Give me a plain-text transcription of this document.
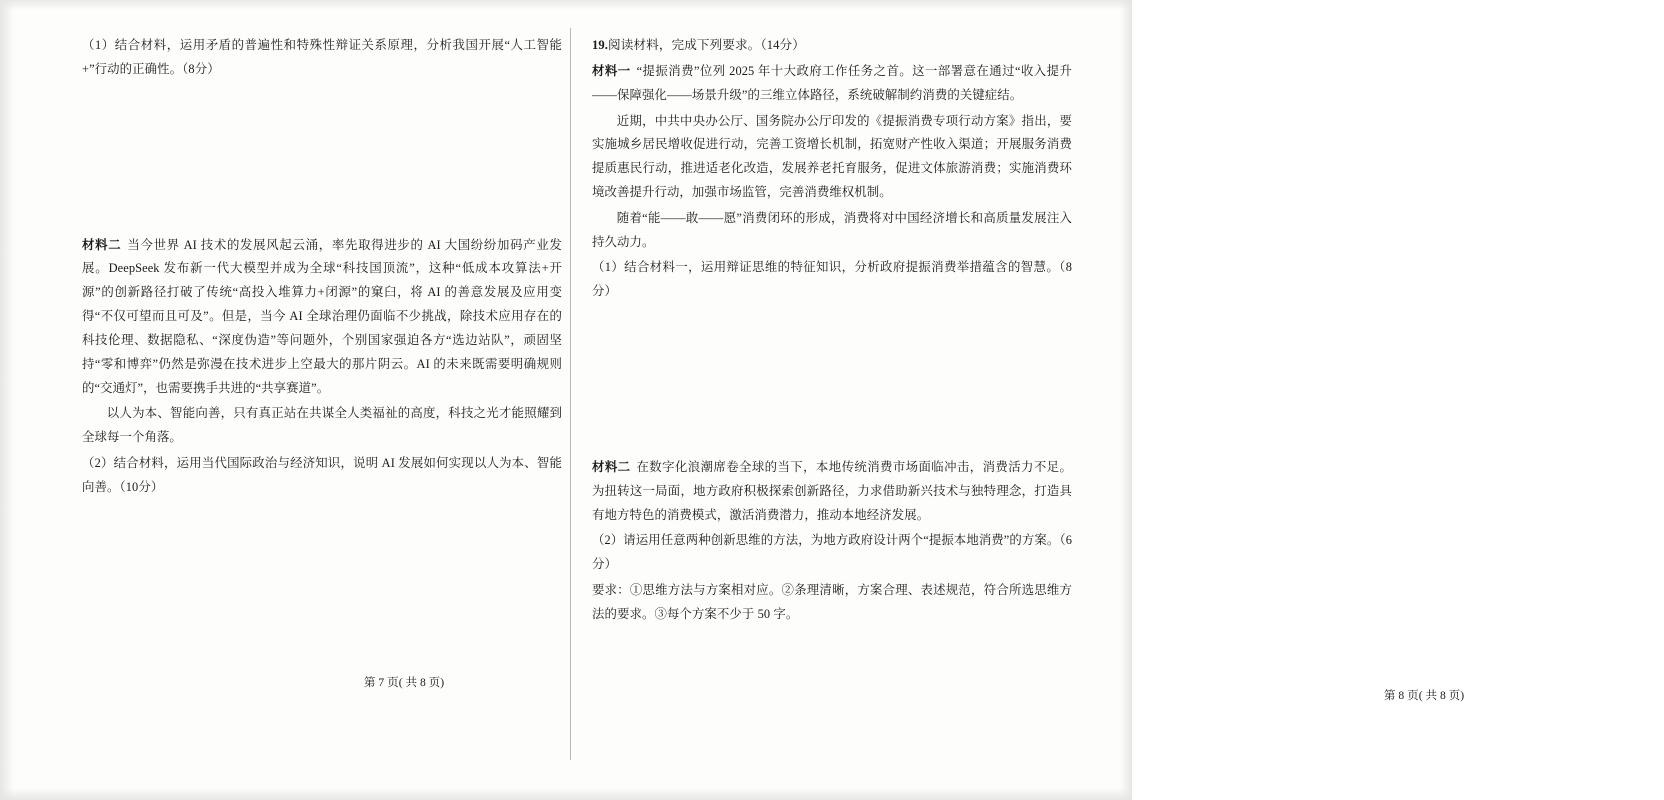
（1）结合材料，运用矛盾的普遍性和特殊性辩证关系原理，分析我国开展“人工智能+”行动的正确性。（8分）
材料二 当今世界 AI 技术的发展风起云涌，率先取得进步的 AI 大国纷纷加码产业发展。DeepSeek 发布新一代大模型并成为全球“科技国顶流”，这种“低成本攻算法+开源”的创新路径打破了传统“高投入堆算力+闭源”的窠臼，将 AI 的善意发展及应用变得“不仅可望而且可及”。但是，当今 AI 全球治理仍面临不少挑战，除技术应用存在的科技伦理、数据隐私、“深度伪造”等问题外，个别国家强迫各方“选边站队”，顽固坚持“零和博弈”仍然是弥漫在技术进步上空最大的那片阴云。AI 的未来既需要明确规则的“交通灯”，也需要携手共进的“共享赛道”。
以人为本、智能向善，只有真正站在共谋全人类福祉的高度，科技之光才能照耀到全球每一个角落。
（2）结合材料，运用当代国际政治与经济知识，说明 AI 发展如何实现以人为本、智能向善。（10分）
第 7 页( 共 8 页)
19.阅读材料，完成下列要求。（14分）
材料一 “提振消费”位列 2025 年十大政府工作任务之首。这一部署意在通过“收入提升——保障强化——场景升级”的三维立体路径，系统破解制约消费的关键症结。
近期，中共中央办公厅、国务院办公厅印发的《提振消费专项行动方案》指出，要实施城乡居民增收促进行动，完善工资增长机制，拓宽财产性收入渠道；开展服务消费提质惠民行动，推进适老化改造，发展养老托育服务，促进文体旅游消费；实施消费环境改善提升行动，加强市场监管，完善消费维权机制。
随着“能——敢——愿”消费闭环的形成，消费将对中国经济增长和高质量发展注入持久动力。
（1）结合材料一，运用辩证思维的特征知识，分析政府提振消费举措蕴含的智慧。（8分）
材料二 在数字化浪潮席卷全球的当下，本地传统消费市场面临冲击，消费活力不足。为扭转这一局面，地方政府积极探索创新路径，力求借助新兴技术与独特理念，打造具有地方特色的消费模式，激活消费潜力，推动本地经济发展。
（2）请运用任意两种创新思维的方法，为地方政府设计两个“提振本地消费”的方案。（6分）
要求：①思维方法与方案相对应。②条理清晰，方案合理、表述规范，符合所选思维方法的要求。③每个方案不少于 50 字。
第 8 页( 共 8 页)
